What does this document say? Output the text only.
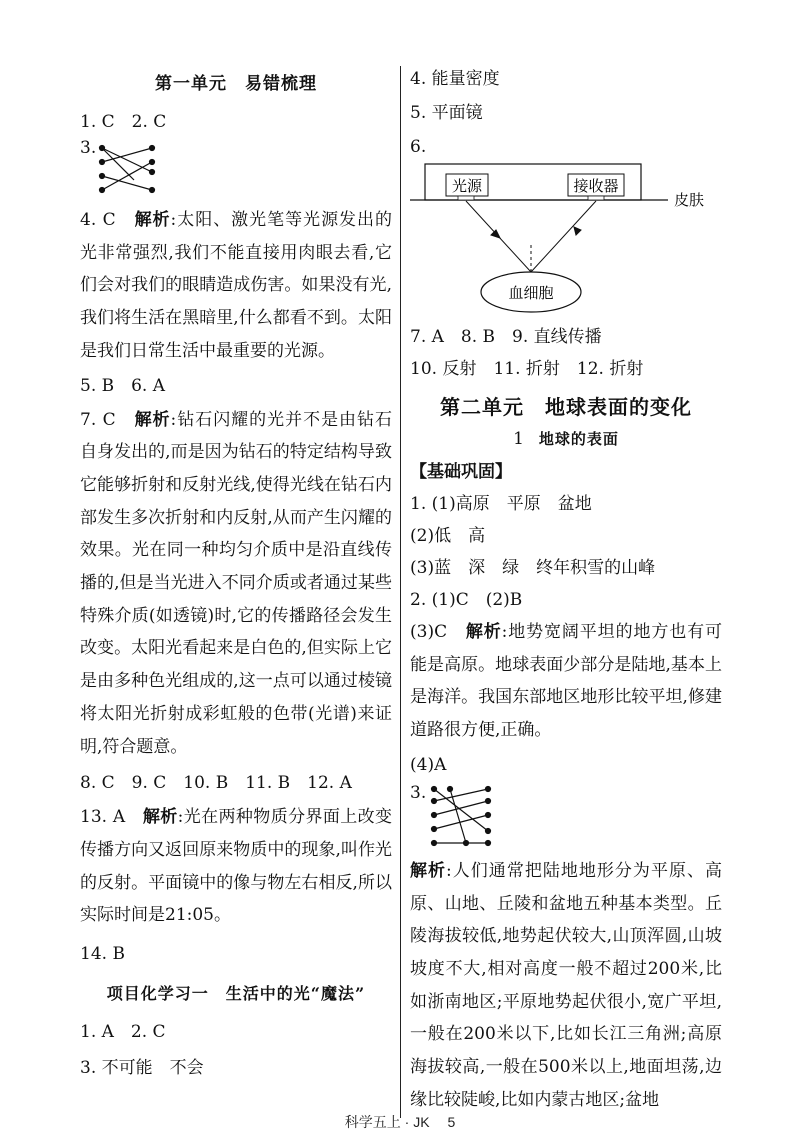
第一单元　易错梳理
1. C　2. C
3.
4. C　解析:太阳、激光笔等光源发出的光非常强烈,我们不能直接用肉眼去看,它们会对我们的眼睛造成伤害。如果没有光,我们将生活在黑暗里,什么都看不到。太阳是我们日常生活中最重要的光源。
5. B　6. A
7. C　解析:钻石闪耀的光并不是由钻石自身发出的,而是因为钻石的特定结构导致它能够折射和反射光线,使得光线在钻石内部发生多次折射和内反射,从而产生闪耀的效果。光在同一种均匀介质中是沿直线传播的,但是当光进入不同介质或者通过某些特殊介质(如透镜)时,它的传播路径会发生改变。太阳光看起来是白色的,但实际上它是由多种色光组成的,这一点可以通过棱镜将太阳光折射成彩虹般的色带(光谱)来证明,符合题意。
8. C　9. C　10. B　11. B　12. A
13. A　解析:光在两种物质分界面上改变传播方向又返回原来物质中的现象,叫作光的反射。平面镜中的像与物左右相反,所以实际时间是21:05。
14. B
项目化学习一　生活中的光“魔法”
1. A　2. C
3. 不可能　不会
4. 能量密度
5. 平面镜
6.
光源	接收器
皮肤
血细胞
7. A　8. B　9. 直线传播
10. 反射　11. 折射　12. 折射
第二单元　地球表面的变化
1 地球的表面
【基础巩固】
1. (1)高原　平原　盆地
(2)低　高
(3)蓝　深　绿　终年积雪的山峰
2. (1)C　(2)B
(3)C　解析:地势宽阔平坦的地方也有可能是高原。地球表面少部分是陆地,基本上是海洋。我国东部地区地形比较平坦,修建道路很方便,正确。
(4)A
3.
解析:人们通常把陆地地形分为平原、高原、山地、丘陵和盆地五种基本类型。丘陵海拔较低,地势起伏较大,山顶浑圆,山坡坡度不大,相对高度一般不超过200米,比如浙南地区;平原地势起伏很小,宽广平坦,一般在200米以下,比如长江三角洲;高原海拔较高,一般在500米以上,地面坦荡,边缘比较陡峻,比如内蒙古地区;盆地
科学五上 · JK 5
